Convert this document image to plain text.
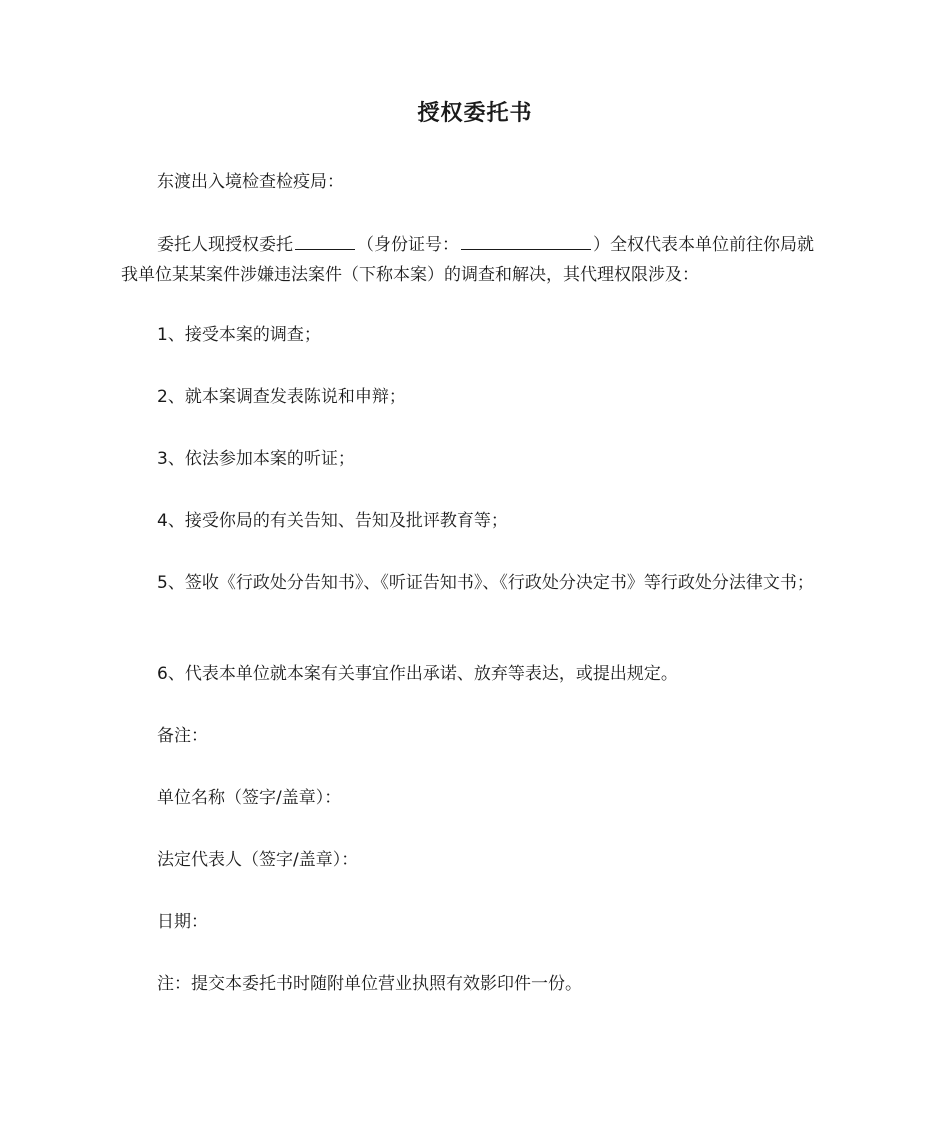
授权委托书
东渡出入境检查检疫局：
委托人现授权委托	（身份证号：	）全权代表本单位前往你局就我单位某某案件涉嫌违法案件（下称本案）的调查和解决，其代理权限涉及：
1、接受本案的调查；
2、就本案调查发表陈说和申辩；
3、依法参加本案的听证；
4、接受你局的有关告知、告知及批评教育等；
5、签收《行政处分告知书》、《听证告知书》、《行政处分决定书》等行政处分法律文书；
6、代表本单位就本案有关事宜作出承诺、放弃等表达，或提出规定。
备注：
单位名称（签字/盖章）：
法定代表人（签字/盖章）：
日期：
注：提交本委托书时随附单位营业执照有效影印件一份。
